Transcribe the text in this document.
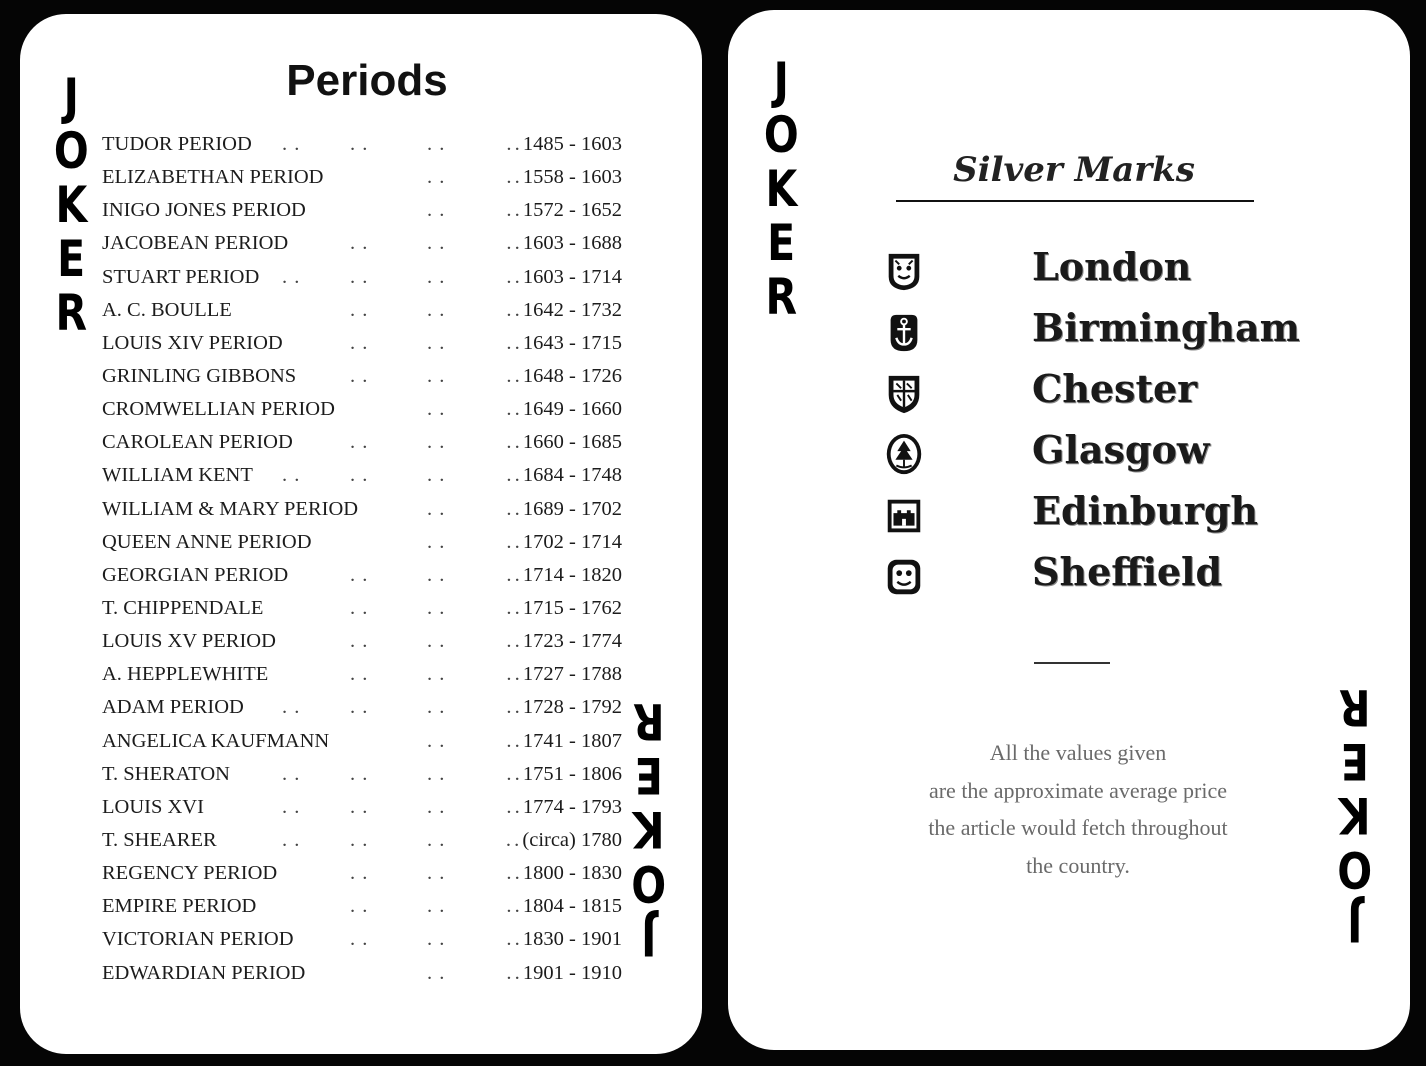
J
O
K
E
R
J
O
K
E
R
Periods
. . . .	. .
TUDOR PERIOD	. . 1485 - 1603
. .
ELIZABETHAN PERIOD	. . 1558 - 1603
. .
INIGO JONES PERIOD	. . 1572 - 1652
. .	. .
JACOBEAN PERIOD	. . 1603 - 1688
. . . .	. .
STUART PERIOD	. . 1603 - 1714
. .	. .
A. C. BOULLE	. . 1642 - 1732
. .	. .
LOUIS XIV PERIOD	. . 1643 - 1715
. .	. .
GRINLING GIBBONS	. . 1648 - 1726
. .
CROMWELLIAN PERIOD	. . 1649 - 1660
. .	. .
CAROLEAN PERIOD	. . 1660 - 1685
. . . .	. .
WILLIAM KENT	. . 1684 - 1748
. .
WILLIAM & MARY PERIOD	. . 1689 - 1702
. .
QUEEN ANNE PERIOD	. . 1702 - 1714
. .	. .
GEORGIAN PERIOD	. . 1714 - 1820
. .	. .
T. CHIPPENDALE	. . 1715 - 1762
. .	. .
LOUIS XV PERIOD	. . 1723 - 1774
. .	. .
A. HEPPLEWHITE	. . 1727 - 1788
. . . .	. .
ADAM PERIOD	. . 1728 - 1792
. .
ANGELICA KAUFMANN	. . 1741 - 1807
. . . .	. .
T. SHERATON	. . 1751 - 1806
. . . .	. .
LOUIS XVI	. . 1774 - 1793
. . . .	. .
T. SHEARER	. . (circa) 1780
. .	. .
REGENCY PERIOD	. . 1800 - 1830
. .	. .
EMPIRE PERIOD	. . 1804 - 1815
. .	. .
VICTORIAN PERIOD	. . 1830 - 1901
. .
EDWARDIAN PERIOD	. . 1901 - 1910
J
O
K
E
R
J
O
K
E
R
Silver Marks
London
Birmingham
Chester
Glasgow
Edinburgh
Sheffield
All the values given
are the approximate average price
the article would fetch throughout
the country.
